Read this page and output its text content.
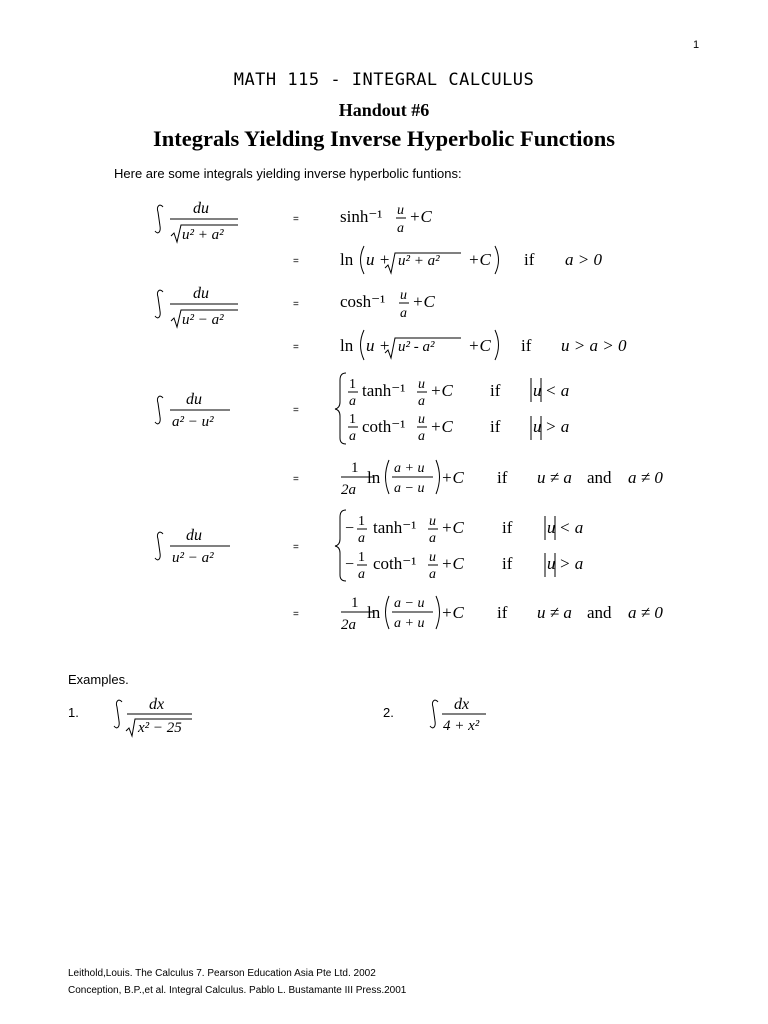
1
MATH 115 - INTEGRAL CALCULUS
Handout #6
Integrals Yielding Inverse Hyperbolic Functions
Here are some integrals yielding inverse hyperbolic funtions:
du
u² + a²
du
u² − a²
du
a² − u²
du
u² − a²
=
=
=
=
=
=
=
=
sinh⁻¹ u
a
+C
ln u + u² + a² +C if a > 0
cosh⁻¹ u
a
+C
ln u + u² - a² +C if u > a > 0
1
a
tanh⁻¹ u
a
+C if u < a
1
a
coth⁻¹ u
a
+C if u > a
1
2a
ln a + u
a − u
+C if u ≠ a and a ≠ 0
− 1
a
tanh⁻¹ u
a
+C if u < a
− 1
a
coth⁻¹ u
a
+C if u > a
1
2a
ln a − u
a + u
+C if u ≠ a and a ≠ 0
Examples.
1.	2.
dx
x² − 25
dx
4 + x²
Leithold,Louis. The Calculus 7. Pearson Education Asia Pte Ltd. 2002
Conception, B.P.,et al. Integral Calculus. Pablo L. Bustamante III Press.2001
